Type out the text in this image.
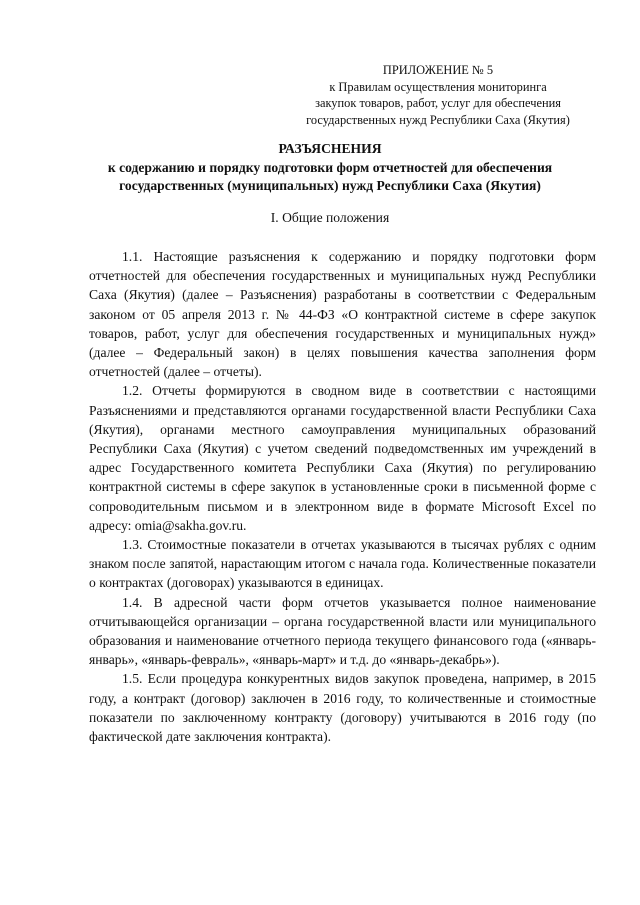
ПРИЛОЖЕНИЕ № 5
к Правилам осуществления мониторинга
закупок товаров, работ, услуг для обеспечения
государственных нужд Республики Саха (Якутия)
РАЗЪЯСНЕНИЯ
к содержанию и порядку подготовки форм отчетностей для обеспечения
государственных (муниципальных) нужд Республики Саха (Якутия)
I. Общие положения

1.1. Настоящие разъяснения к содержанию и порядку подготовки форм отчетностей для обеспечения государственных и муниципальных нужд Республики Саха (Якутия) (далее – Разъяснения) разработаны в соответствии с Федеральным законом от 05 апреля 2013 г. № 44-ФЗ «О контрактной системе в сфере закупок товаров, работ, услуг для обеспечения государственных и муниципальных нужд» (далее – Федеральный закон) в целях повышения качества заполнения форм отчетностей (далее – отчеты).

1.2. Отчеты формируются в сводном виде в соответствии с настоящими Разъяснениями и представляются органами государственной власти Республики Саха (Якутия), органами местного самоуправления муниципальных образований Республики Саха (Якутия) с учетом сведений подведомственных им учреждений в адрес Государственного комитета Республики Саха (Якутия) по регулированию контрактной системы в сфере закупок в установленные сроки в письменной форме с сопроводительным письмом и в электронном виде в формате Microsoft Excel по адресу: omia@sakha.gov.ru.

1.3. Стоимостные показатели в отчетах указываются в тысячах рублях с одним знаком после запятой, нарастающим итогом с начала года. Количественные показатели о контрактах (договорах) указываются в единицах.

1.4. В адресной части форм отчетов указывается полное наименование отчитывающейся организации – органа государственной власти или муниципального образования и наименование отчетного периода текущего финансового года («январь-январь», «январь-февраль», «январь-март» и т.д. до «январь-декабрь»).

1.5. Если процедура конкурентных видов закупок проведена, например, в 2015 году, а контракт (договор) заключен в 2016 году, то количественные и стоимостные показатели по заключенному контракту (договору) учитываются в 2016 году (по фактической дате заключения контракта).
